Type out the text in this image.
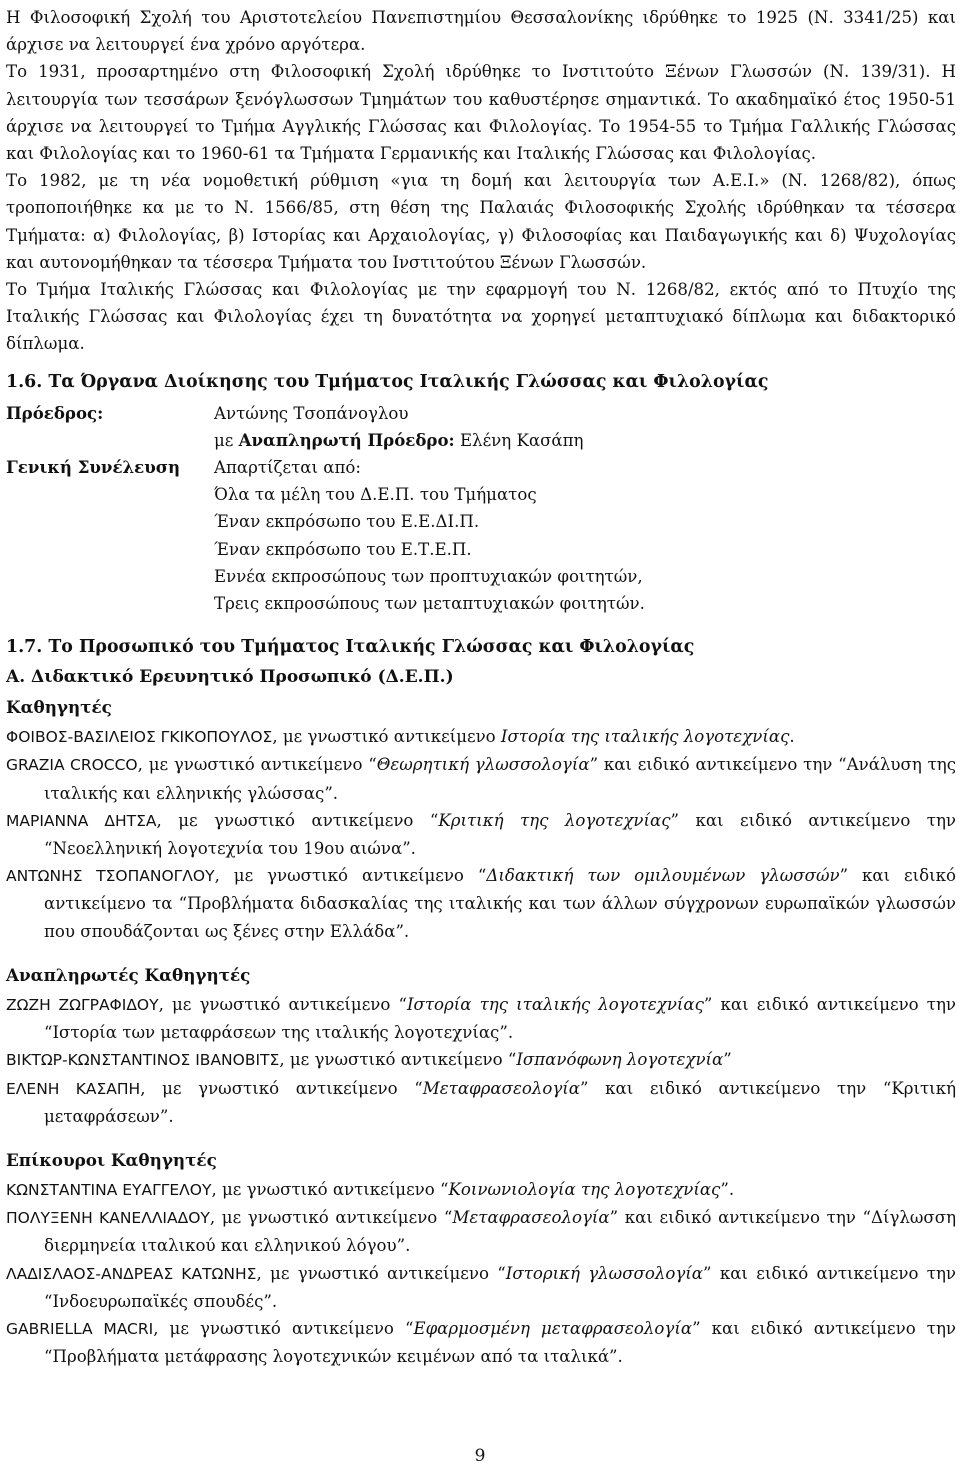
Η Φιλοσοφική Σχολή του Αριστοτελείου Πανεπιστημίου Θεσσαλονίκης ιδρύθηκε το 1925 (Ν. 3341/25) και άρχισε να λειτουργεί ένα χρόνο αργότερα.

Το 1931, προσαρτημένο στη Φιλοσοφική Σχολή ιδρύθηκε το Ινστιτούτο Ξένων Γλωσσών (Ν. 139/31). Η λειτουργία των τεσσάρων ξενόγλωσσων Τμημάτων του καθυστέρησε σημαντικά. Το ακαδημαϊκό έτος 1950-51 άρχισε να λειτουργεί το Τμήμα Αγγλικής Γλώσσας και Φιλολογίας. Το 1954-55 το Τμήμα Γαλλικής Γλώσσας και Φιλολογίας και το 1960-61 τα Τμήματα Γερμανικής και Ιταλικής Γλώσσας και Φιλολογίας.

Το 1982, με τη νέα νομοθετική ρύθμιση «για τη δομή και λειτουργία των Α.Ε.Ι.» (Ν. 1268/82), όπως τροποποιήθηκε κα με το Ν. 1566/85, στη θέση της Παλαιάς Φιλοσοφικής Σχολής ιδρύθηκαν τα τέσσερα Τμήματα: α) Φιλολογίας, β) Ιστορίας και Αρχαιολογίας, γ) Φιλοσοφίας και Παιδαγωγικής και δ) Ψυχολογίας και αυτονομήθηκαν τα τέσσερα Τμήματα του Ινστιτούτου Ξένων Γλωσσών.

Το Τμήμα Ιταλικής Γλώσσας και Φιλολογίας με την εφαρμογή του Ν. 1268/82, εκτός από το Πτυχίο της Ιταλικής Γλώσσας και Φιλολογίας έχει τη δυνατότητα να χορηγεί μεταπτυχιακό δίπλωμα και διδακτορικό δίπλωμα.

1.6. Τα Όργανα Διοίκησης του Τμήματος Ιταλικής Γλώσσας και Φιλολογίας
Πρόεδρος:	Αντώνης Τσοπάνογλου
	με Αναπληρωτή Πρόεδρο: Ελένη Κασάπη
Γενική Συνέλευση	Απαρτίζεται από:
	Όλα τα μέλη του Δ.Ε.Π. του Τμήματος
	Έναν εκπρόσωπο του Ε.Ε.ΔΙ.Π.
	Έναν εκπρόσωπο του Ε.Τ.Ε.Π.
	Εννέα εκπροσώπους των προπτυχιακών φοιτητών,
	Τρεις εκπροσώπους των μεταπτυχιακών φοιτητών.
1.7. Το Προσωπικό του Τμήματος Ιταλικής Γλώσσας και Φιλολογίας
Α. Διδακτικό Ερευνητικό Προσωπικό (Δ.Ε.Π.)
Καθηγητές

ΦΟΙΒΟΣ-ΒΑΣΙΛΕΙΟΣ ΓΚΙΚΟΠΟΥΛΟΣ, με γνωστικό αντικείμενο Ιστορία της ιταλικής λογοτεχνίας.

GRAZIA CROCCO, με γνωστικό αντικείμενο “Θεωρητική γλωσσολογία” και ειδικό αντικείμενο την “Ανάλυση της ιταλικής και ελληνικής γλώσσας”.

ΜΑΡΙΑΝΝΑ ΔΗΤΣΑ, με γνωστικό αντικείμενο “Κριτική της λογοτεχνίας” και ειδικό αντικείμενο την “Νεοελληνική λογοτεχνία του 19ου αιώνα”.

ΑΝΤΩΝΗΣ ΤΣΟΠΑΝΟΓΛΟΥ, με γνωστικό αντικείμενο “Διδακτική των ομιλουμένων γλωσσών” και ειδικό αντικείμενο τα “Προβλήματα διδασκαλίας της ιταλικής και των άλλων σύγχρονων ευρωπαϊκών γλωσσών που σπουδάζονται ως ξένες στην Ελλάδα”.

Αναπληρωτές Καθηγητές

ΖΩΖΗ ΖΩΓΡΑΦΙΔΟΥ, με γνωστικό αντικείμενο “Ιστορία της ιταλικής λογοτεχνίας” και ειδικό αντικείμενο την “Ιστορία των μεταφράσεων της ιταλικής λογοτεχνίας”.

ΒΙΚΤΩΡ-ΚΩΝΣΤΑΝΤΙΝΟΣ ΙΒΑΝΟΒΙΤΣ, με γνωστικό αντικείμενο “Ισπανόφωνη λογοτεχνία”

ΕΛΕΝΗ ΚΑΣΑΠΗ, με γνωστικό αντικείμενο “Μεταφρασεολογία” και ειδικό αντικείμενο την “Κριτική μεταφράσεων”.

Επίκουροι Καθηγητές

ΚΩΝΣΤΑΝΤΙΝΑ ΕΥΑΓΓΕΛΟΥ, με γνωστικό αντικείμενο “Κοινωνιολογία της λογοτεχνίας”.

ΠΟΛΥΞΕΝΗ ΚΑΝΕΛΛΙΑΔΟΥ, με γνωστικό αντικείμενο “Μεταφρασεολογία” και ειδικό αντικείμενο την “Δίγλωσση διερμηνεία ιταλικού και ελληνικού λόγου”.

ΛΑΔΙΣΛΑΟΣ-ΑΝΔΡΕΑΣ ΚΑΤΩΝΗΣ, με γνωστικό αντικείμενο “Ιστορική γλωσσολογία” και ειδικό αντικείμενο την “Ινδοευρωπαϊκές σπουδές”.

GABRIELLA MACRI, με γνωστικό αντικείμενο “Εφαρμοσμένη μεταφρασεολογία” και ειδικό αντικείμενο την “Προβλήματα μετάφρασης λογοτεχνικών κειμένων από τα ιταλικά”.

9
